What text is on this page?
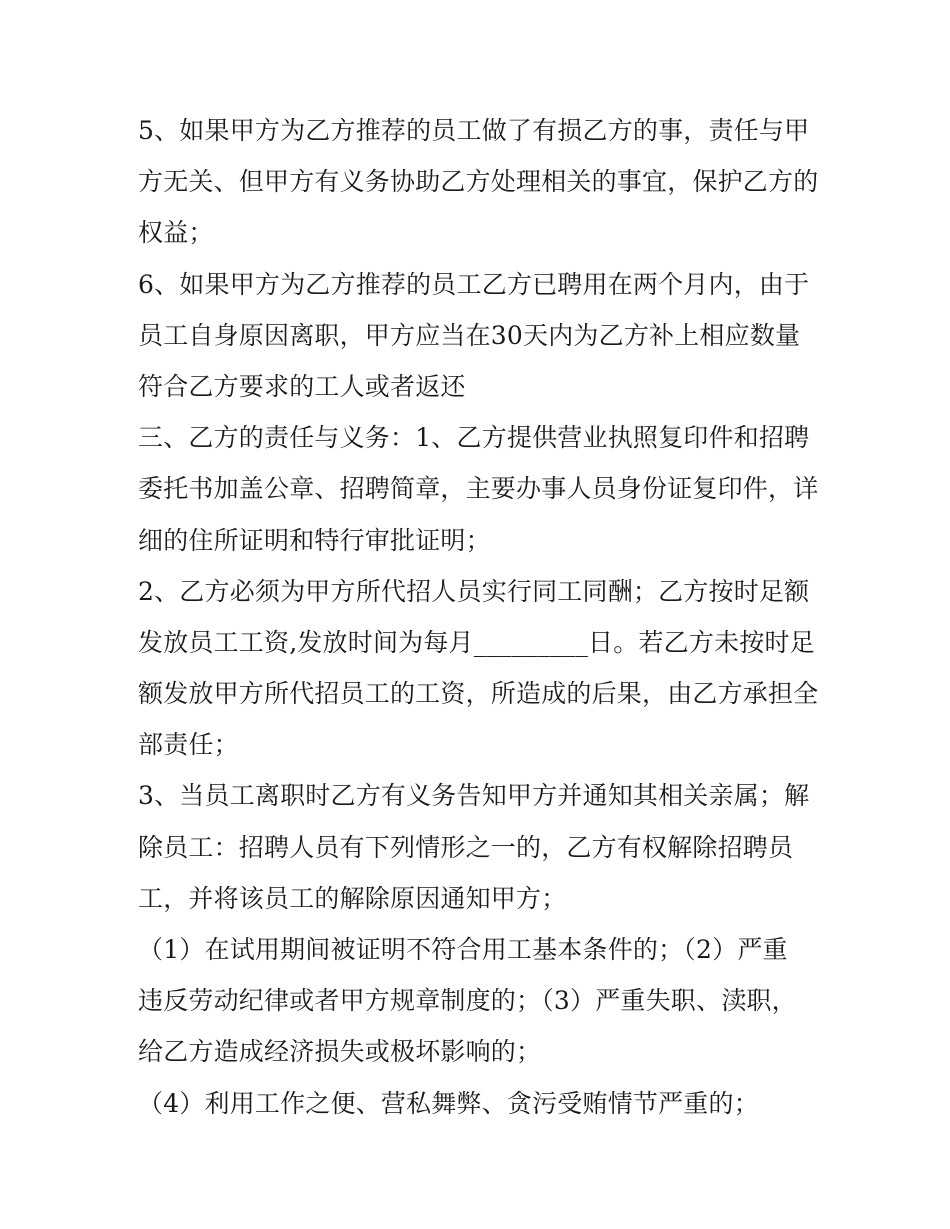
5、如果甲方为乙方推荐的员工做了有损乙方的事，责任与甲
方无关、但甲方有义务协助乙方处理相关的事宜，保护乙方的
权益；
6、如果甲方为乙方推荐的员工乙方已聘用在两个月内，由于
员工自身原因离职，甲方应当在30天内为乙方补上相应数量
符合乙方要求的工人或者返还
三、乙方的责任与义务：1、乙方提供营业执照复印件和招聘
委托书加盖公章、招聘简章，主要办事人员身份证复印件，详
细的住所证明和特行审批证明；
2、乙方必须为甲方所代招人员实行同工同酬；乙方按时足额
发放员工工资,发放时间为每月_________日。若乙方未按时足
额发放甲方所代招员工的工资，所造成的后果，由乙方承担全
部责任；
3、当员工离职时乙方有义务告知甲方并通知其相关亲属；解
除员工：招聘人员有下列情形之一的，乙方有权解除招聘员
工，并将该员工的解除原因通知甲方；
（1）在试用期间被证明不符合用工基本条件的；（2）严重
违反劳动纪律或者甲方规章制度的；（3）严重失职、渎职，
给乙方造成经济损失或极坏影响的；
（4）利用工作之便、营私舞弊、贪污受贿情节严重的；
